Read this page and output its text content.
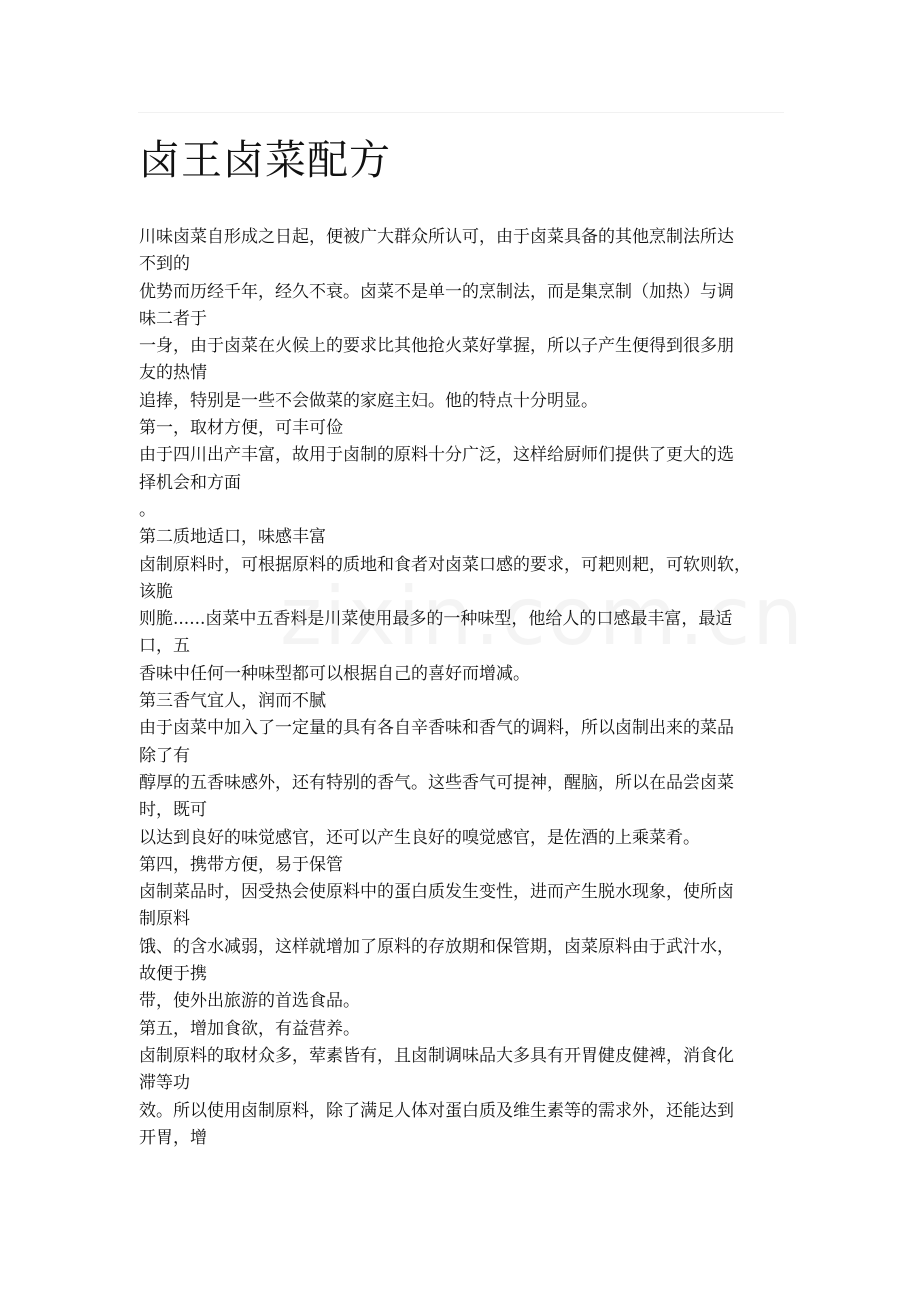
卤王卤菜配方
川味卤菜自形成之日起，便被广大群众所认可，由于卤菜具备的其他烹制法所达
不到的
优势而历经千年，经久不衰。卤菜不是单一的烹制法，而是集烹制（加热）与调
味二者于
一身，由于卤菜在火候上的要求比其他抢火菜好掌握，所以子产生便得到很多朋
友的热情
追捧，特别是一些不会做菜的家庭主妇。他的特点十分明显。
第一，取材方便，可丰可俭
由于四川出产丰富，故用于卤制的原料十分广泛，这样给厨师们提供了更大的选
择机会和方面
。
第二质地适口，味感丰富
卤制原料时，可根据原料的质地和食者对卤菜口感的要求，可耙则耙，可软则软，
该脆
则脆......卤菜中五香料是川菜使用最多的一种味型，他给人的口感最丰富，最适
口，五
香味中任何一种味型都可以根据自己的喜好而增减。
第三香气宜人，润而不腻
由于卤菜中加入了一定量的具有各自辛香味和香气的调料，所以卤制出来的菜品
除了有
醇厚的五香味感外，还有特别的香气。这些香气可提神，醒脑，所以在品尝卤菜
时，既可
以达到良好的味觉感官，还可以产生良好的嗅觉感官，是佐酒的上乘菜肴。
第四，携带方便，易于保管
卤制菜品时，因受热会使原料中的蛋白质发生变性，进而产生脱水现象，使所卤
制原料
饿、的含水减弱，这样就增加了原料的存放期和保管期，卤菜原料由于武汁水，
故便于携
带，使外出旅游的首选食品。
第五，增加食欲，有益营养。
卤制原料的取材众多，荤素皆有，且卤制调味品大多具有开胃健皮健裨，消食化
滞等功
效。所以使用卤制原料，除了满足人体对蛋白质及维生素等的需求外，还能达到
开胃，增
